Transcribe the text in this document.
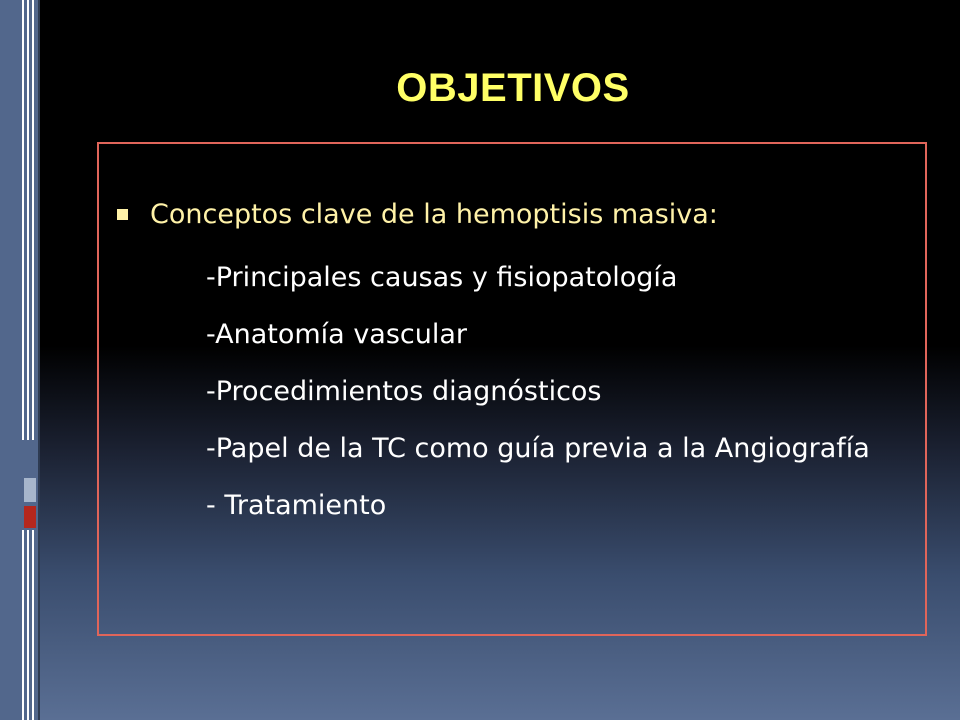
OBJETIVOS
Conceptos clave de la hemoptisis masiva:
-Principales causas y fisiopatología
-Anatomía vascular
-Procedimientos diagnósticos
-Papel de la TC como guía previa a la Angiografía
- Tratamiento
